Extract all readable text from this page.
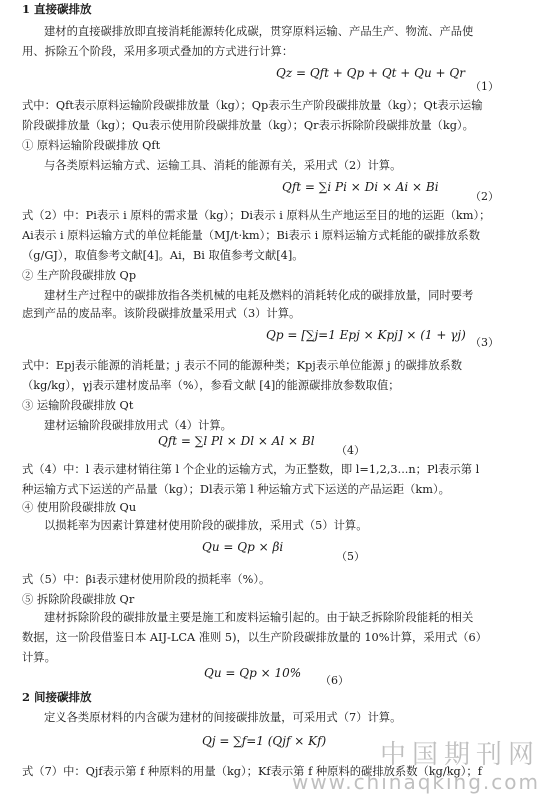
1 直接碳排放
建材的直接碳排放即直接消耗能源转化成碳，贯穿原料运输、产品生产、物流、产品使
用、拆除五个阶段，采用多项式叠加的方式进行计算：
Qz = Qft + Qp + Qt + Qu + Qr
（1）
式中：Qft表示原料运输阶段碳排放量（kg）；Qp表示生产阶段碳排放量（kg）；Qt表示运输
阶段碳排放量（kg）；Qu表示使用阶段碳排放量（kg）；Qr表示拆除阶段碳排放量（kg）。
① 原料运输阶段碳排放 Qft
与各类原料运输方式、运输工具、消耗的能源有关，采用式（2）计算。
Qft = ∑i Pi × Di × Ai × Bi
（2）
式（2）中：Pi表示 i 原料的需求量（kg）；Di表示 i 原料从生产地运至目的地的运距（km）；
Ai表示 i 原料运输方式的单位耗能量（MJ/t·km）；Bi表示 i 原料运输方式耗能的碳排放系数
（g/GJ），取值参考文献[4]。Ai，Bi 取值参考文献[4]。
② 生产阶段碳排放 Qp
建材生产过程中的碳排放指各类机械的电耗及燃料的消耗转化成的碳排放量，同时要考
虑到产品的废品率。该阶段碳排放量采用式（3）计算。
Qp = [∑j=1 Epj × Kpj] × (1 + γj)
（3）
式中：Epj表示能源的消耗量；j 表示不同的能源种类；Kpj表示单位能源 j 的碳排放系数
（kg/kg），γj表示建材废品率（%），参看文献 [4]的能源碳排放参数取值；
③ 运输阶段碳排放 Qt
建材运输阶段碳排放用式（4）计算。
Qft = ∑l Pl × Dl × Al × Bl
（4）
式（4）中：l 表示建材销往第 l 个企业的运输方式，为正整数，即 l=1,2,3...n；Pl表示第 l
种运输方式下运送的产品量（kg）；Dl表示第 l 种运输方式下运送的产品运距（km）。
④ 使用阶段碳排放 Qu
以损耗率为因素计算建材使用阶段的碳排放，采用式（5）计算。
Qu = Qp × βi
（5）
式（5）中：βi表示建材使用阶段的损耗率（%）。
⑤ 拆除阶段碳排放 Qr
建材拆除阶段的碳排放量主要是施工和废料运输引起的。由于缺乏拆除阶段能耗的相关
数据，这一阶段借鉴日本 AIJ-LCA 准则 5)，以生产阶段碳排放量的 10%计算，采用式（6）
计算。
Qu = Qp × 10%
（6）
2 间接碳排放
定义各类原材料的内含碳为建材的间接碳排放量，可采用式（7）计算。
Qj = ∑f=1 (Qjf × Kf)
式（7）中：Qjf表示第 f 种原料的用量（kg）；Kf表示第 f 种原料的碳排放系数（kg/kg）；f
中国期刊网
www.chinaqking.com
